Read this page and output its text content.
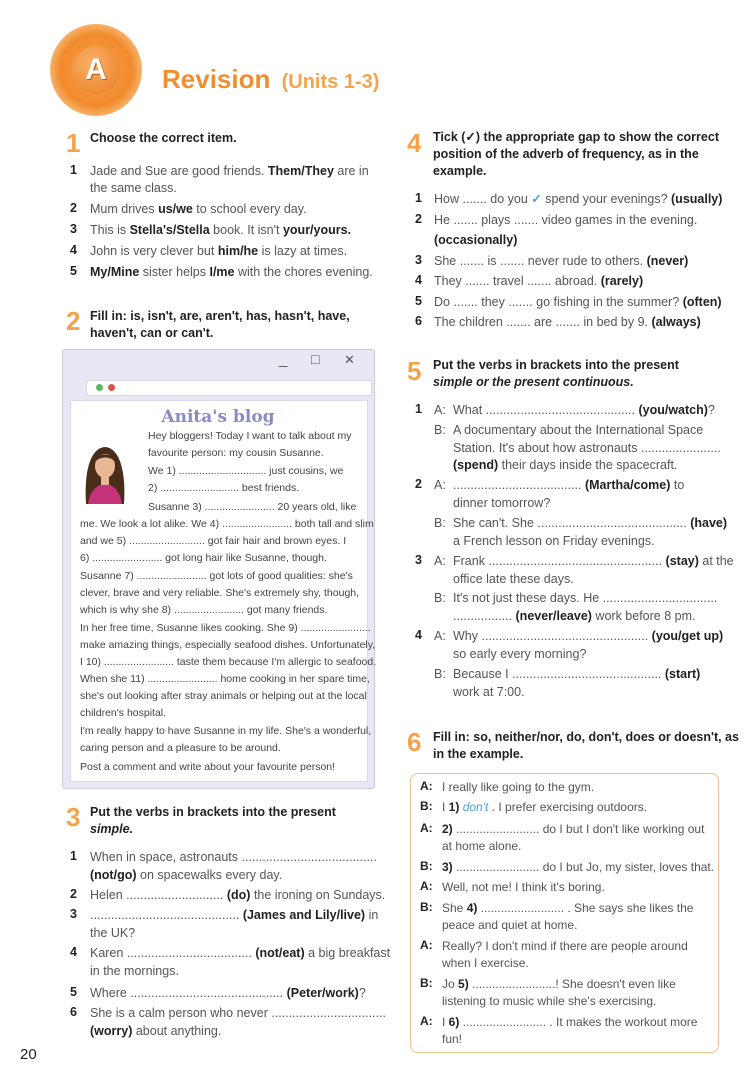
A	Revision (Units 1-3)
1 Choose the correct item.
1 Jade and Sue are good friends. Them/They are in
the same class.
2 Mum drives us/we to school every day.
3 This is Stella's/Stella book. It isn't your/yours.
4 John is very clever but him/he is lazy at times.
5 My/Mine sister helps I/me with the chores evening.
2 Fill in: is, isn't, are, aren't, has, hasn't, have,
haven't, can or can't.
_ □ ✕
Anita's blog
Hey bloggers! Today I want to talk about my
favourite person: my cousin Susanne.
We 1) .............................. just cousins, we
2) ........................... best friends.
Susanne 3) ........................ 20 years old, like
me. We look a lot alike. We 4) ........................ both tall and slim
and we 5) .......................... got fair hair and brown eyes. I
6) ........................ got long hair like Susanne, though.
Susanne 7) ........................ got lots of good qualities: she's
clever, brave and very reliable. She's extremely shy, though,
which is why she 8) ........................ got many friends.
In her free time, Susanne likes cooking. She 9) ........................
make amazing things, especially seafood dishes. Unfortunately,
I 10) ........................ taste them because I'm allergic to seafood.
When she 11) ........................ home cooking in her spare time,
she's out looking after stray animals or helping out at the local
children's hospital.
I'm really happy to have Susanne in my life. She's a wonderful,
caring person and a pleasure to be around.
Post a comment and write about your favourite person!
3 Put the verbs in brackets into the present
simple.
1 When in space, astronauts .......................................
(not/go) on spacewalks every day.
2 Helen ............................ (do) the ironing on Sundays.
3 ........................................... (James and Lily/live) in
the UK?
4 Karen .................................... (not/eat) a big breakfast
in the mornings.
5 Where ............................................ (Peter/work)?
6 She is a calm person who never .................................
(worry) about anything.
4 Tick (✓) the appropriate gap to show the correct
position of the adverb of frequency, as in the
example.
1 How ....... do you ✓ spend your evenings? (usually)
2 He ....... plays ....... video games in the evening.
(occasionally)
3 She ....... is ....... never rude to others. (never)
4 They ....... travel ....... abroad. (rarely)
5 Do ....... they ....... go fishing in the summer? (often)
6 The children ....... are ....... in bed by 9. (always)
5 Put the verbs in brackets into the present
simple or the present continuous.
1 A: What ........................................... (you/watch)?
B: A documentary about the International Space
Station. It's about how astronauts .......................
(spend) their days inside the spacecraft.
2 A: ..................................... (Martha/come) to
dinner tomorrow?
B: She can't. She ........................................... (have)
a French lesson on Friday evenings.
3 A: Frank .................................................. (stay) at the
office late these days.
B: It's not just these days. He .................................
................. (never/leave) work before 8 pm.
4 A: Why ................................................ (you/get up)
so early every morning?
B: Because I ........................................... (start)
work at 7:00.
6 Fill in: so, neither/nor, do, don't, does or doesn't, as
in the example.
A: I really like going to the gym.
B: I 1) don't . I prefer exercising outdoors.
A: 2) ......................... do I but I don't like working out
at home alone.
B: 3) ......................... do I but Jo, my sister, loves that.
A: Well, not me! I think it's boring.
B: She 4) ......................... . She says she likes the
peace and quiet at home.
A: Really? I don't mind if there are people around
when I exercise.
B: Jo 5) .........................! She doesn't even like
listening to music while she's exercising.
A: I 6) ......................... . It makes the workout more
fun!
20
